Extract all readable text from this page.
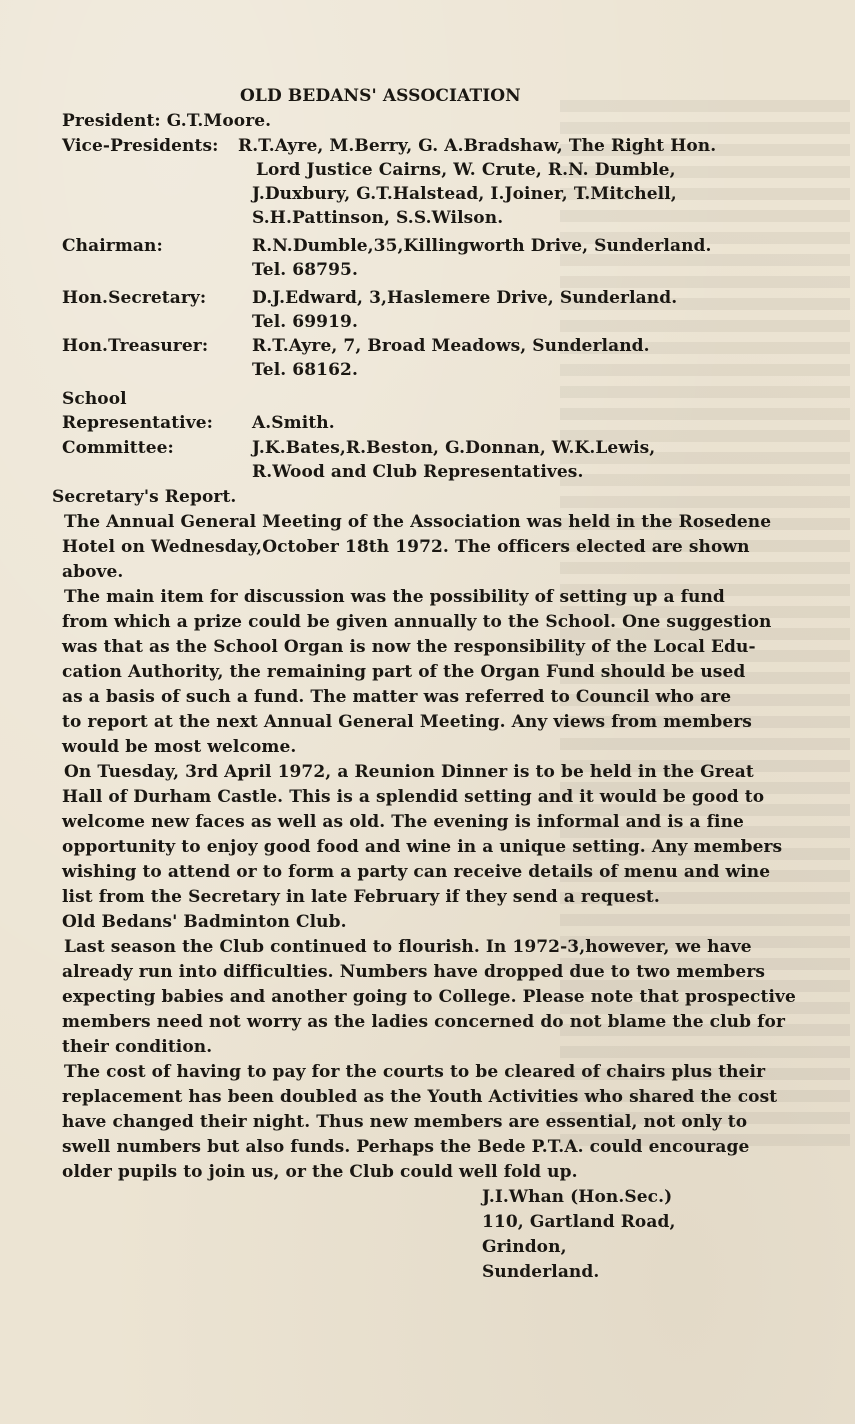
OLD BEDANS' ASSOCIATION
President: G.T.Moore.
Vice-Presidents: R.T.Ayre, M.Berry, G. A.Bradshaw, The Right Hon.
Lord Justice Cairns, W. Crute, R.N. Dumble,
J.Duxbury, G.T.Halstead, I.Joiner, T.Mitchell,
S.H.Pattinson, S.S.Wilson.
Chairman:	R.N.Dumble,35,Killingworth Drive, Sunderland.
Tel. 68795.
Hon.Secretary:	D.J.Edward, 3,Haslemere Drive, Sunderland.
Tel. 69919.
Hon.Treasurer:	R.T.Ayre, 7, Broad Meadows, Sunderland.
Tel. 68162.
School
Representative: A.Smith.
Committee:	J.K.Bates,R.Beston, G.Donnan, W.K.Lewis,
R.Wood and Club Representatives.
Secretary's Report.
The Annual General Meeting of the Association was held in the Rosedene
Hotel on Wednesday,October 18th 1972. The officers elected are shown
above.
The main item for discussion was the possibility of setting up a fund
from which a prize could be given annually to the School. One suggestion
was that as the School Organ is now the responsibility of the Local Edu-
cation Authority, the remaining part of the Organ Fund should be used
as a basis of such a fund. The matter was referred to Council who are
to report at the next Annual General Meeting. Any views from members
would be most welcome.
On Tuesday, 3rd April 1972, a Reunion Dinner is to be held in the Great
Hall of Durham Castle. This is a splendid setting and it would be good to
welcome new faces as well as old. The evening is informal and is a fine
opportunity to enjoy good food and wine in a unique setting. Any members
wishing to attend or to form a party can receive details of menu and wine
list from the Secretary in late February if they send a request.
Old Bedans' Badminton Club.
Last season the Club continued to flourish. In 1972-3,however, we have
already run into difficulties. Numbers have dropped due to two members
expecting babies and another going to College. Please note that prospective
members need not worry as the ladies concerned do not blame the club for
their condition.
The cost of having to pay for the courts to be cleared of chairs plus their
replacement has been doubled as the Youth Activities who shared the cost
have changed their night. Thus new members are essential, not only to
swell numbers but also funds. Perhaps the Bede P.T.A. could encourage
older pupils to join us, or the Club could well fold up.
J.I.Whan (Hon.Sec.)
110, Gartland Road,
Grindon,
Sunderland.
